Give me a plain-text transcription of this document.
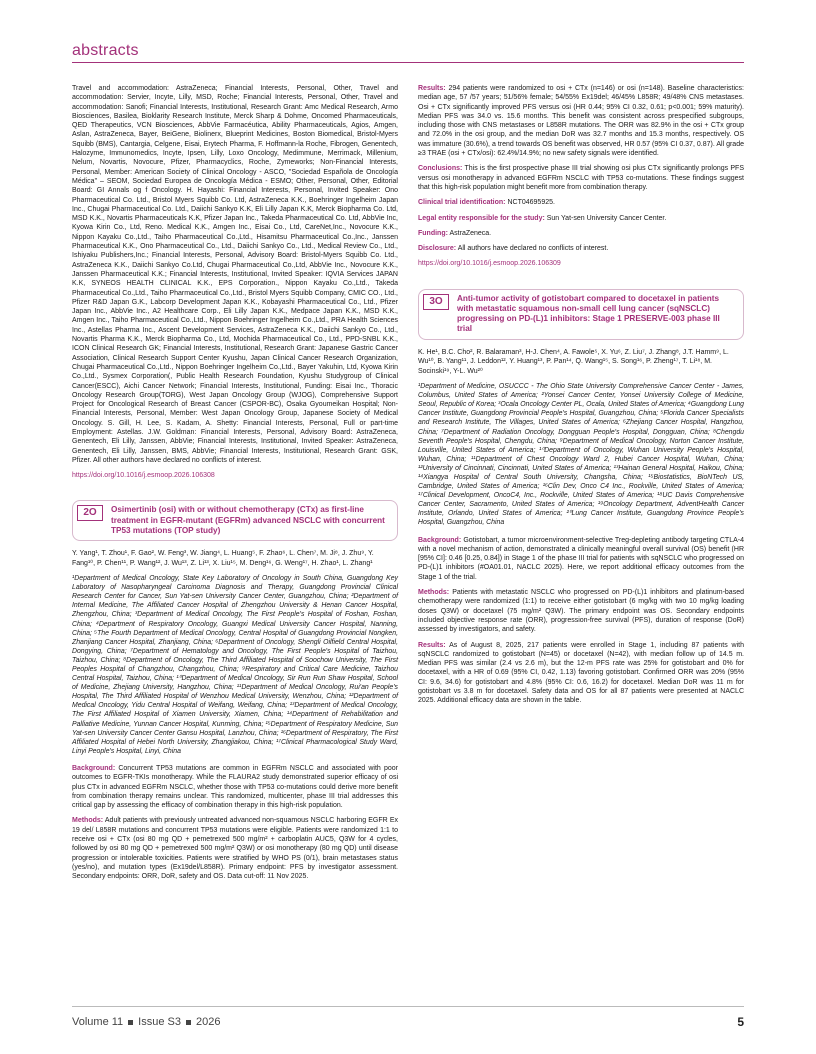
abstracts

Travel and accommodation: AstraZeneca; Financial Interests, Personal, Other, Travel and accommodation: Servier, Incyte, Lilly, MSD, Roche; Financial Interests, Personal, Other, Travel and accommodation: Sanofi; Financial Interests, Institutional, Research Grant: Amc Medical Research, Armo Biosciences, Basilea, Bioklarity Research Institute, Merck Sharp & Dohme, Oncomed Pharmaceuticals, QED Therapeutics, VCN Biosciences, AbbVie Farmacéutica, Ability Pharmaceuticals, Agios, Amgen, Aslan, AstraZeneca, Bayer, BeiGene, Biolinerx, Blueprint Medicines, Boston Biomedical, Bristol-Myers Squibb (BMS), Cantargia, Celgene, Eisai, Erytech Pharma, F. Hoffmann-la Roche, Fibrogen, Genentech, Halozyme, Immunomedics, Incyte, Ipsen, Lilly, Loxo Oncology, Medimmune, Merrimack, Millenium, Nelum, Novartis, Novocure, Pfizer, Pharmacyclics, Roche, Zymeworks; Non-Financial Interests, Personal, Member: American Society of Clinical Oncology - ASCO, "Sociedad Española de Oncología Médica" – SEOM, Sociedad Europea de Oncología Médica - ESMO; Other, Personal, Other, Editorial Board: GI Annals og f Oncology. H. Hayashi: Financial Interests, Personal, Invited Speaker: Ono Pharmaceutical Co. Ltd., Bristol Myers Squibb Co. Ltd, AstraZeneca K.K., Boehringer Ingelheim Japan Inc., Chugai Pharmaceutical Co. Ltd., Daiichi Sankyo K.K, Eli Lilly Japan K.K, Merck Biopharma Co. Ltd, MSD K.K., Novartis Pharmaceuticals K.K, Pfizer Japan Inc., Takeda Pharmaceutical Co. Ltd, AbbVie Inc, Kyowa Kirin Co., Ltd, Reno. Medical K.K., Amgen Inc., Eisai Co., Ltd, CareNet,Inc., Novocure K.K., Nippon Kayaku Co.,Ltd., Taiho Pharmaceutical Co.,Ltd., Hisamitsu Pharmaceutical Co.,Inc., Janssen Pharmaceutical K.K., Ono Pharmaceutical Co., Ltd., Daiichi Sankyo Co., Ltd., Medical Review Co., Ltd., Ishiyaku Publishers,Inc.; Financial Interests, Personal, Advisory Board: Bristol-Myers Squibb Co. Ltd., AstraZeneca K.K., Daiichi Sankyo Co.Ltd, Chugai Pharmaceutical Co.,Ltd, AbbVie Inc., Novocure K.K., Janssen Pharmaceutical K.K.; Financial Interests, Institutional, Invited Speaker: IQVIA Services JAPAN K.K, SYNEOS HEALTH CLINICAL K.K., EPS Corporation., Nippon Kayaku Co.,Ltd., Takeda Pharmaceutical Co.,Ltd., Taiho Pharmaceutical Co.,Ltd., Bristol Myers Squibb Company, CMIC CO., Ltd., Pfizer R&D Japan G.K., Labcorp Development Japan K.K., Kobayashi Pharmaceutical Co., Ltd., Pfizer Japan Inc., AbbVie Inc., A2 Healthcare Corp., Eli Lilly Japan K.K., Medpace Japan K.K., MSD K.K., Amgen Inc., Taiho Pharmaceutical Co.,Ltd., Nippon Boehringer Ingelheim Co.,Ltd., PRA Health Sciences Inc., Astellas Pharma Inc., Ascent Development Services, AstraZeneca K.K., Daiichi Sankyo Co., Ltd., Novartis Pharma K.K., Merck Biopharma Co., Ltd, Mochida Pharmaceutical Co., Ltd., PPD-SNBL K.K., ICON Clinical Research GK; Financial Interests, Institutional, Research Grant: Japanese Gastric Cancer Association, Clinical Research Support Center Kyushu, Japan Clinical Cancer Research Organization, Chugai Pharmaceutical Co.,Ltd., Nippon Boehringer Ingelheim Co.,Ltd., Bayer Yakuhin, Ltd, Kyowa Kirin Co.,Ltd., Sysmex Corporation(, Public Health Research Foundation, Kyushu Studygroup of Clinical Cancer(ESCC), Aichi Cancer Network; Financial Interests, Institutional, Funding: Eisai Inc., Thoracic Oncology Research Group(TORG), West Japan Oncology Group (WJOG), Comprehensive Support Project for Oncological Research of Breast Cancer (CSPOR-BC), Osaka Gyoumeikan Hospital; Non-Financial Interests, Personal, Member: West Japan Oncology Group, Japanese Society of Medical Oncology. S. Gill, H. Lee, S. Kadam, A. Shetty: Financial Interests, Personal, Full or part-time Employment: Astellas. J.W. Goldman: Financial Interests, Personal, Advisory Board: AstraZeneca, Genentech, Eli Lilly, Janssen, AbbVie; Financial Interests, Institutional, Invited Speaker: AstraZeneca, Genentech, Eli Lilly, Janssen, BMS, AbbVie; Financial Interests, Institutional, Research Grant: GSK, Pfizer. All other authors have declared no conflicts of interest.

https://doi.org/10.1016/j.esmoop.2026.106308
2O	Osimertinib (osi) with or without chemotherapy (CTx) as first-line treatment in EGFR-mutant (EGFRm) advanced NSCLC with concurrent TP53 mutations (TOP study)
Y. Yang¹, T. Zhou¹, F. Gao², W. Feng³, W. Jiang⁴, L. Huang⁵, F. Zhao⁶, L. Chen⁷, M. Ji⁸, J. Zhu⁹, Y. Fang¹⁰, P. Chen¹¹, P. Wang¹², J. Wu¹³, Z. Li¹³, X. Liu¹⁵, M. Deng¹⁶, G. Weng¹⁷, H. Zhao¹, L. Zhang¹
¹Department of Medical Oncology, State Key Laboratory of Oncology in South China, Guangdong Key Laboratory of Nasopharyngeal Carcinoma Diagnosis and Therapy, Guangdong Provincial Clinical Research Center for Cancer, Sun Yat-sen University Cancer Center, Guangzhou, China; ²Department of Internal Medicine, The Affiliated Cancer Hospital of Zhengzhou University & Henan Cancer Hospital, Zhengzhou, China; ³Department of Medical Oncology, The First People's Hospital of Foshan, Foshan, China; ⁴Department of Respiratory Oncology, Guangxi Medical University Cancer Hospital, Nanning, China; ⁵The Fourth Department of Medical Oncology, Central Hospital of Guangdong Provincial Nongken, Zhanjiang Cancer Hospital, Zhanjiang, China; ⁶Department of Oncology, Shengli Oilfield Central Hospital, Dongying, China; ⁷Department of Hematology and Oncology, The First People's Hospital of Taizhou, Taizhou, China; ⁸Department of Oncology, The Third Affiliated Hospital of Soochow University, The First Peoples Hospital of Changzhou, Changzhou, China; ⁹Respiratory and Critical Care Medicine, Taizhou Central Hospital, Taizhou, China; ¹⁰Department of Medical Oncology, Sir Run Run Shaw Hospital, School of Medicine, Zhejiang University, Hangzhou, China; ¹¹Department of Medical Oncology, Rui'an People's Hospital, The Third Affiliated Hospital of Wenzhou Medical University, Wenzhou, China; ¹²Department of Medical Oncology, Yidu Central Hospital of Weifang, Weifang, China; ¹³Department of Medical Oncology, The First Affiliated Hospital of Xiamen University, Xiamen, China; ¹⁴Department of Rehabilitation and Palliative Medicine, Yunnan Cancer Hospital, Kunming, China; ¹⁵Department of Respiratory Medicine, Sun Yat-sen University Cancer Center Gansu Hospital, Lanzhou, China; ¹⁶Department of Respiratory, The First Affiliated Hospital of Hebei North University, Zhangjiakou, China; ¹⁷Clinical Pharmacological Study Ward, Linyi People's Hospital, Linyi, China

Background: Concurrent TP53 mutations are common in EGFRm NSCLC and associated with poor outcomes to EGFR-TKIs monotherapy. While the FLAURA2 study demonstrated superior efficacy of osi plus CTx in advanced EGFRm NSCLC, whether those with TP53 co-mutations could derive more benefit from combination therapy remains unclear. This randomized, multicenter, phase III trial addresses this critical gap by assessing the efficacy of combination therapy in this high-risk population.

Methods: Adult patients with previously untreated advanced non-squamous NSCLC harboring EGFR Ex 19 del/ L858R mutations and concurrent TP53 mutations were eligible. Patients were randomized 1:1 to receive osi + CTx (osi 80 mg QD + pemetrexed 500 mg/m² + carboplatin AUC5, Q3W for 4 cycles, followed by osi 80 mg QD + pemetrexed 500 mg/m² Q3W) or osi monotherapy (80 mg QD) until disease progression or intolerable toxicities. Patients were stratified by WHO PS (0/1), brain metastases status (yes/no), and mutation types (Ex19del/L858R). Primary endpoint: PFS by investigator assessment. Secondary endpoints: ORR, DoR, safety and OS. Data cut-off: 11 Nov 2025.

Results: 294 patients were randomized to osi + CTx (n=146) or osi (n=148). Baseline characteristics: median age, 57 /57 years; 51/56% female; 54/55% Ex19del; 46/45% L858R; 49/48% CNS metastases. Osi + CTx significantly improved PFS versus osi (HR 0.44; 95% CI 0.32, 0.61; p<0.001; 59% maturity). Median PFS was 34.0 vs. 15.6 months. This benefit was consistent across prespecified subgroups, including those with CNS metastases or L858R mutations. The ORR was 82.9% in the osi + CTx group and 72.0% in the osi group, and the median DoR was 32.7 months and 15.3 months, respectively. OS was immature (30.6%), a trend towards OS benefit was observed, HR 0.57 (95% CI 0.37, 0.87). All grade ≥3 TRAE (osi + CTx/osi): 62.4%/14.9%; no new safety signals were identified.

Conclusions: This is the first prospective phase III trial showing osi plus CTx significantly prolongs PFS versus osi monotherapy in advanced EGFRm NSCLC with TP53 co-mutations. These findings suggest that this high-risk population might benefit more from combination therapy.

Clinical trial identification: NCT04695925.

Legal entity responsible for the study: Sun Yat-sen University Cancer Center.

Funding: AstraZeneca.

Disclosure: All authors have declared no conflicts of interest.

https://doi.org/10.1016/j.esmoop.2026.106309
3O	Anti-tumor activity of gotistobart compared to docetaxel in patients with metastatic squamous non-small cell lung cancer (sqNSCLC) progressing on PD-(L)1 inhibitors: Stage 1 PRESERVE-003 phase III trial
K. He¹, B.C. Cho², R. Balaraman³, H-J. Chen⁴, A. Fawole⁵, X. Yu⁶, Z. Liu⁷, J. Zhang⁸, J.T. Hamm⁹, L. Wu¹⁰, B. Yang¹¹, J. Leddon¹², Y. Huang¹³, P. Pan¹⁴, Q. Wang¹⁵, S. Song¹⁶, P. Zheng¹⁷, T. Li¹⁸, M. Socinski¹⁹, Y-L. Wu²⁰
¹Department of Medicine, OSUCCC - The Ohio State University Comprehensive Cancer Center - James, Columbus, United States of America; ²Yonsei Cancer Center, Yonsei University College of Medicine, Seoul, Republic of Korea; ³Ocala Oncology Center PL, Ocala, United States of America; ⁴Guangdong Lung Cancer Institute, Guangdong Provincial People's Hospital, Guangzhou, China; ⁵Florida Cancer Specialists and Research Institute, The Villages, United States of America; ⁶Zhejiang Cancer Hospital, Hangzhou, China; ⁷Department of Radiation Oncology, Dongguan People's Hospital, Dongguan, China; ⁸Chengdu Seventh People's Hospital, Chengdu, China; ⁹Department of Medical Oncology, Norton Cancer Institute, Louisville, United States of America; ¹⁰Department of Oncology, Wuhan University People's Hospital, Wuhan, China; ¹¹Department of Chest Oncology Ward 2, Hubei Cancer Hospital, Wuhan, China; ¹²University of Cincinnati, Cincinnati, United States of America; ¹³Hainan General Hospital, Haikou, China; ¹⁴Xiangya Hospital of Central South University, Changsha, China; ¹⁵Biostatistics, BioNTech US, Cambridge, United States of America; ¹⁶Clin Dev, Onco C4 Inc., Rockville, United States of America; ¹⁷Clinical Development, OncoC4, Inc., Rockville, United States of America; ¹⁸UC Davis Comprehensive Cancer Center, Sacramento, United States of America; ¹⁹Oncology Department, AdventHealth Cancer Institute, Orlando, United States of America; ²⁰Lung Cancer Institute, Guangdong Province People's Hospital, Guangzhou, China

Background: Gotistobart, a tumor microenvironment-selective Treg-depleting antibody targeting CTLA-4 with a novel mechanism of action, demonstrated a clinically meaningful overall survival (OS) benefit (HR [95% CI]: 0.46 [0.25, 0.84]) in Stage 1 of the phase III trial for patients with sqNSCLC who progressed on PD-(L)1 inhibitors (#OA01.01, NACLC 2025). Here, we report additional efficacy outcomes from the Stage 1 of the trial.

Methods: Patients with metastatic NSCLC who progressed on PD-(L)1 inhibitors and platinum-based chemotherapy were randomized (1:1) to receive either gotistobart (6 mg/kg with two 10 mg/kg loading doses Q3W) or docetaxel (75 mg/m² Q3W). The primary endpoint was OS. Secondary endpoints included objective response rate (ORR), progression-free survival (PFS), duration of response (DoR) assessed by investigators, and safety.

Results: As of August 8, 2025, 217 patients were enrolled in Stage 1, including 87 patients with sqNSCLC randomized to gotistobart (N=45) or docetaxel (N=42), with median follow up of 14.5 m. Median PFS was similar (2.4 vs 2.6 m), but the 12-m PFS rate was 25% for gotistobart and 0% for docetaxel, with a HR of 0.69 (95% CI, 0.42, 1.13) favoring gotistobart. Confirmed ORR was 20% (95% CI: 9.6, 34.6) for gotistobart and 4.8% (95% CI: 0.6, 16.2) for docetaxel. Median DoR was 11 m for gotistobart vs 3.8 m for docetaxel. Safety data and OS for all 87 patients were presented at NACLC 2025. Additional efficacy data are shown in the table.

Volume 11 Issue S3 2026	5
